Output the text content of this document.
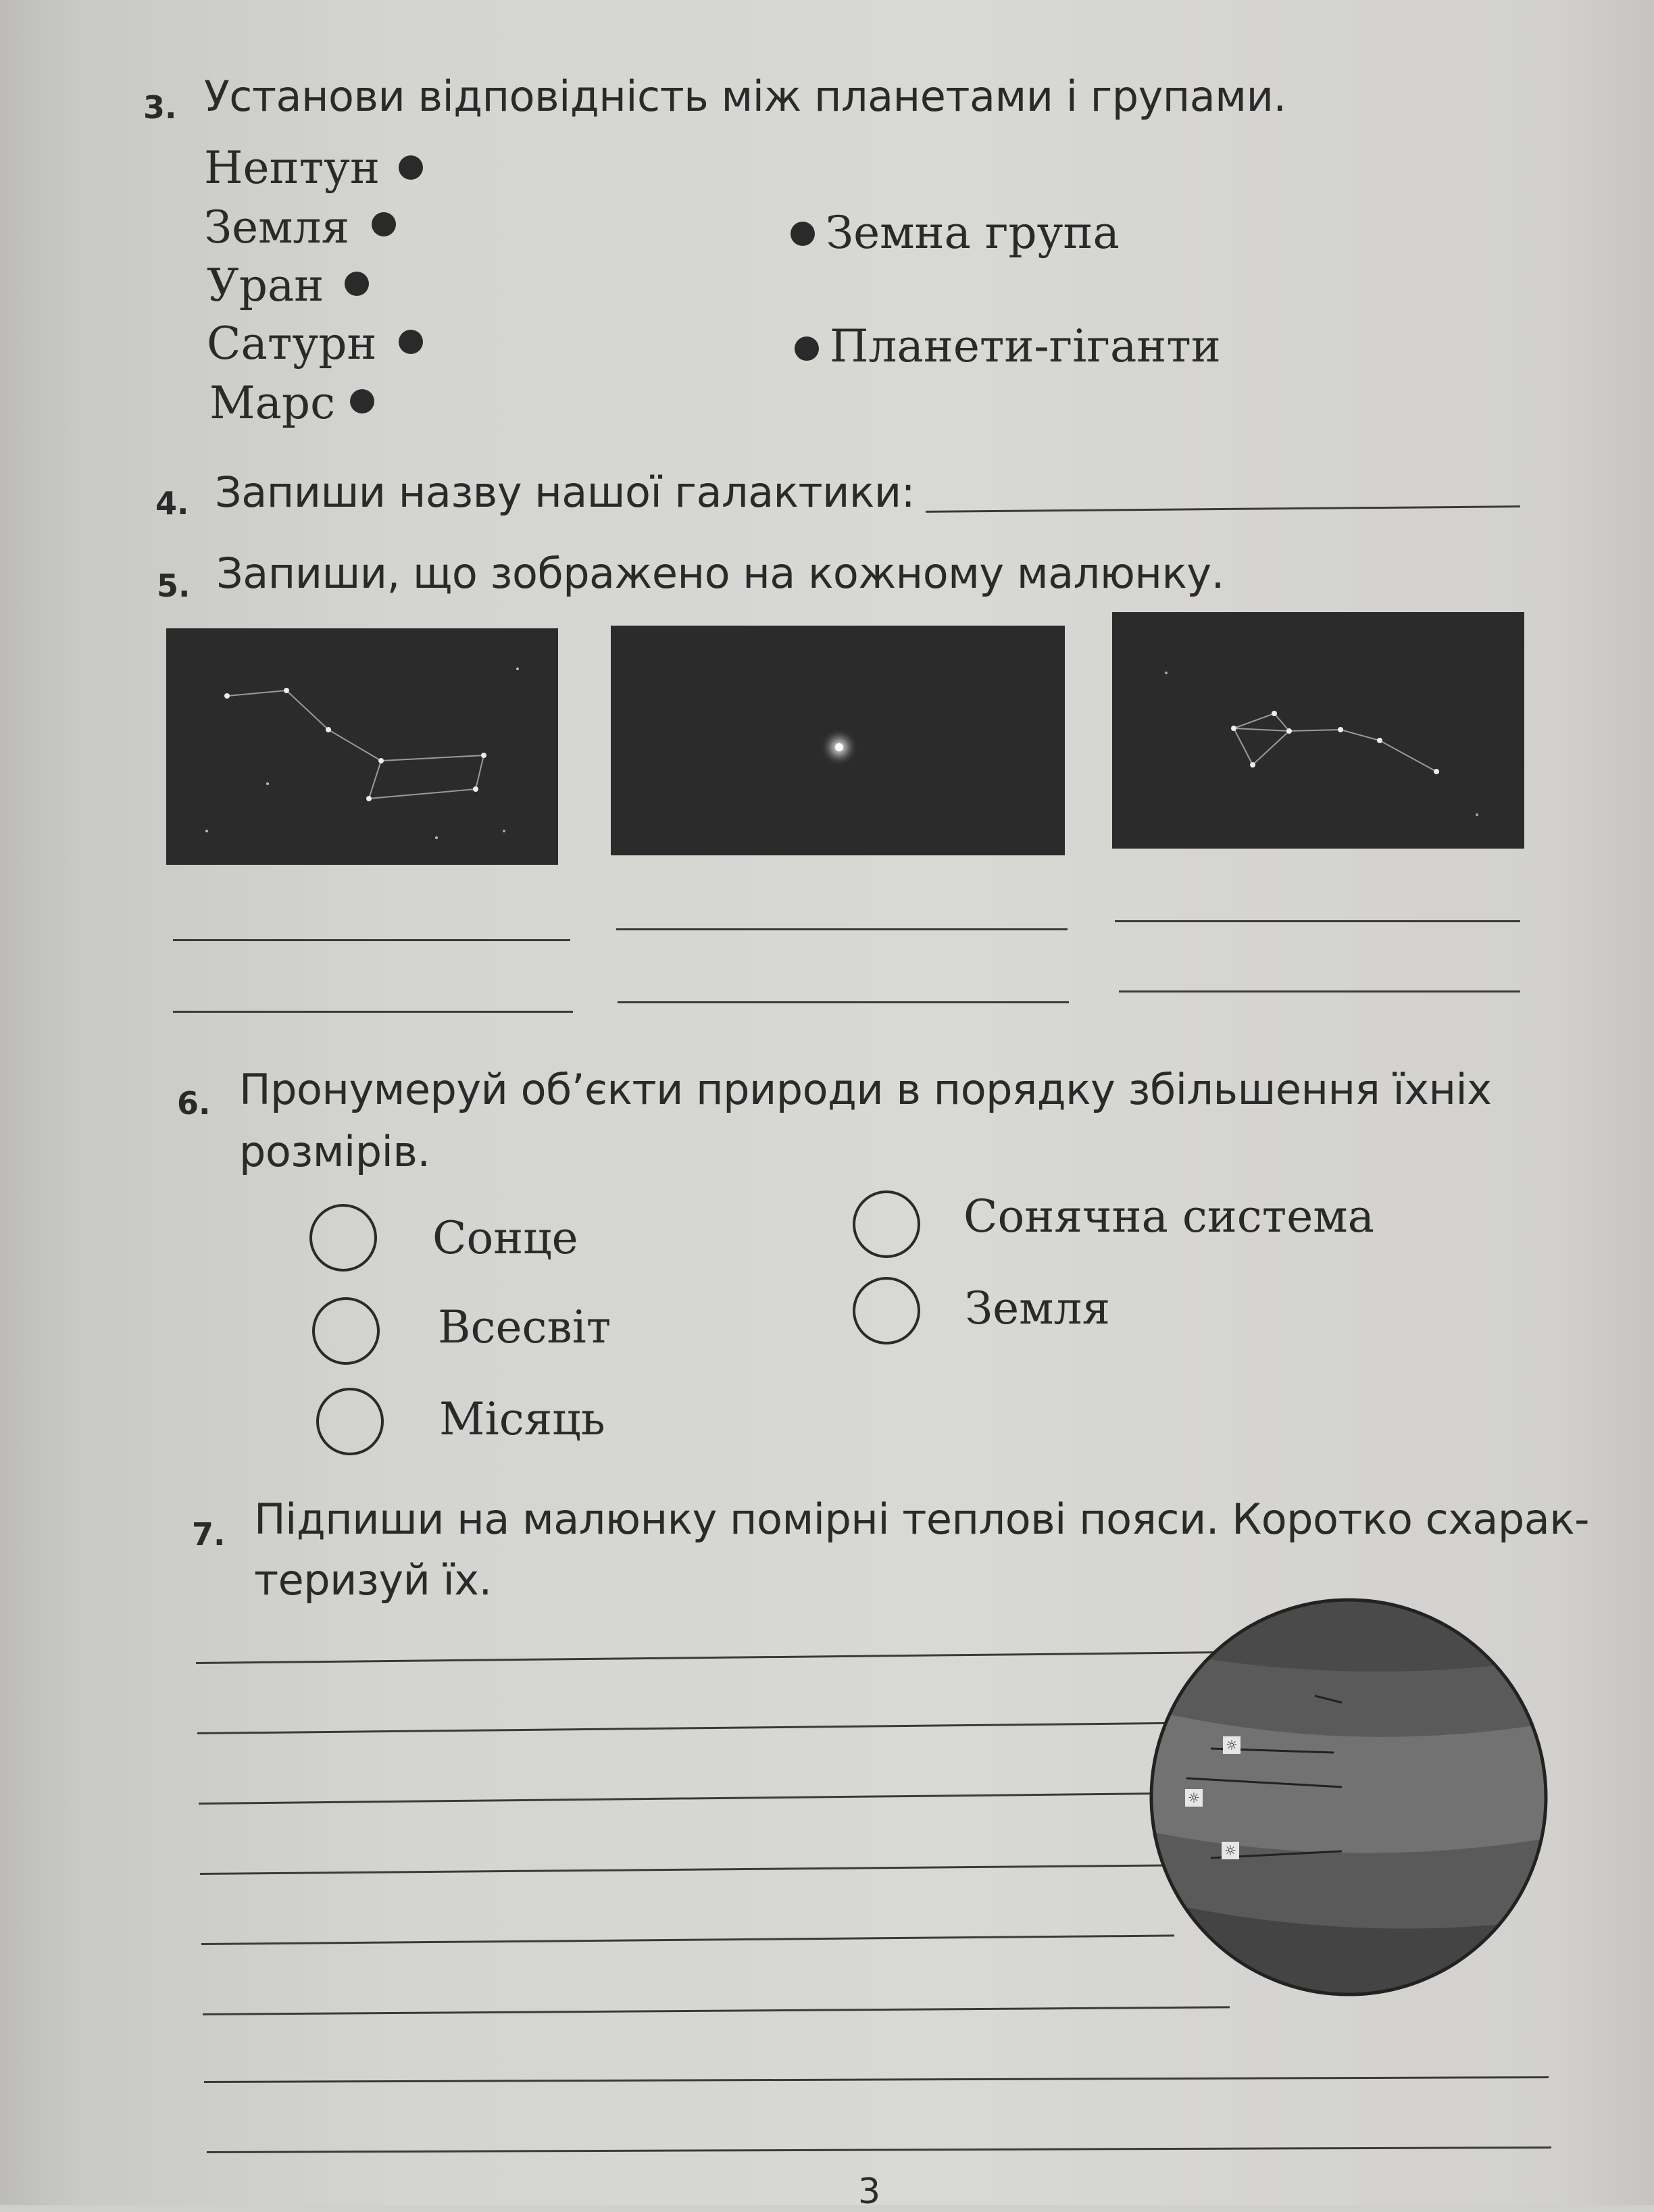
3. Установи відповідність між планетами і групами.
Нептун
Земля
Уран
Сатурн
Марс
Земна група
Планети-гіганти
4. Запиши назву нашої галактики:
5. Запиши, що зображено на кожному малюнку.
6. Пронумеруй об’єкти природи в порядку збільшення їхніх
розмірів.
Сонце
Всесвіт
Місяць
Сонячна система
Земля
7. Підпиши на малюнку помірні теплові пояси. Коротко схарак-
теризуй їх.
☼
☼
☼
3
